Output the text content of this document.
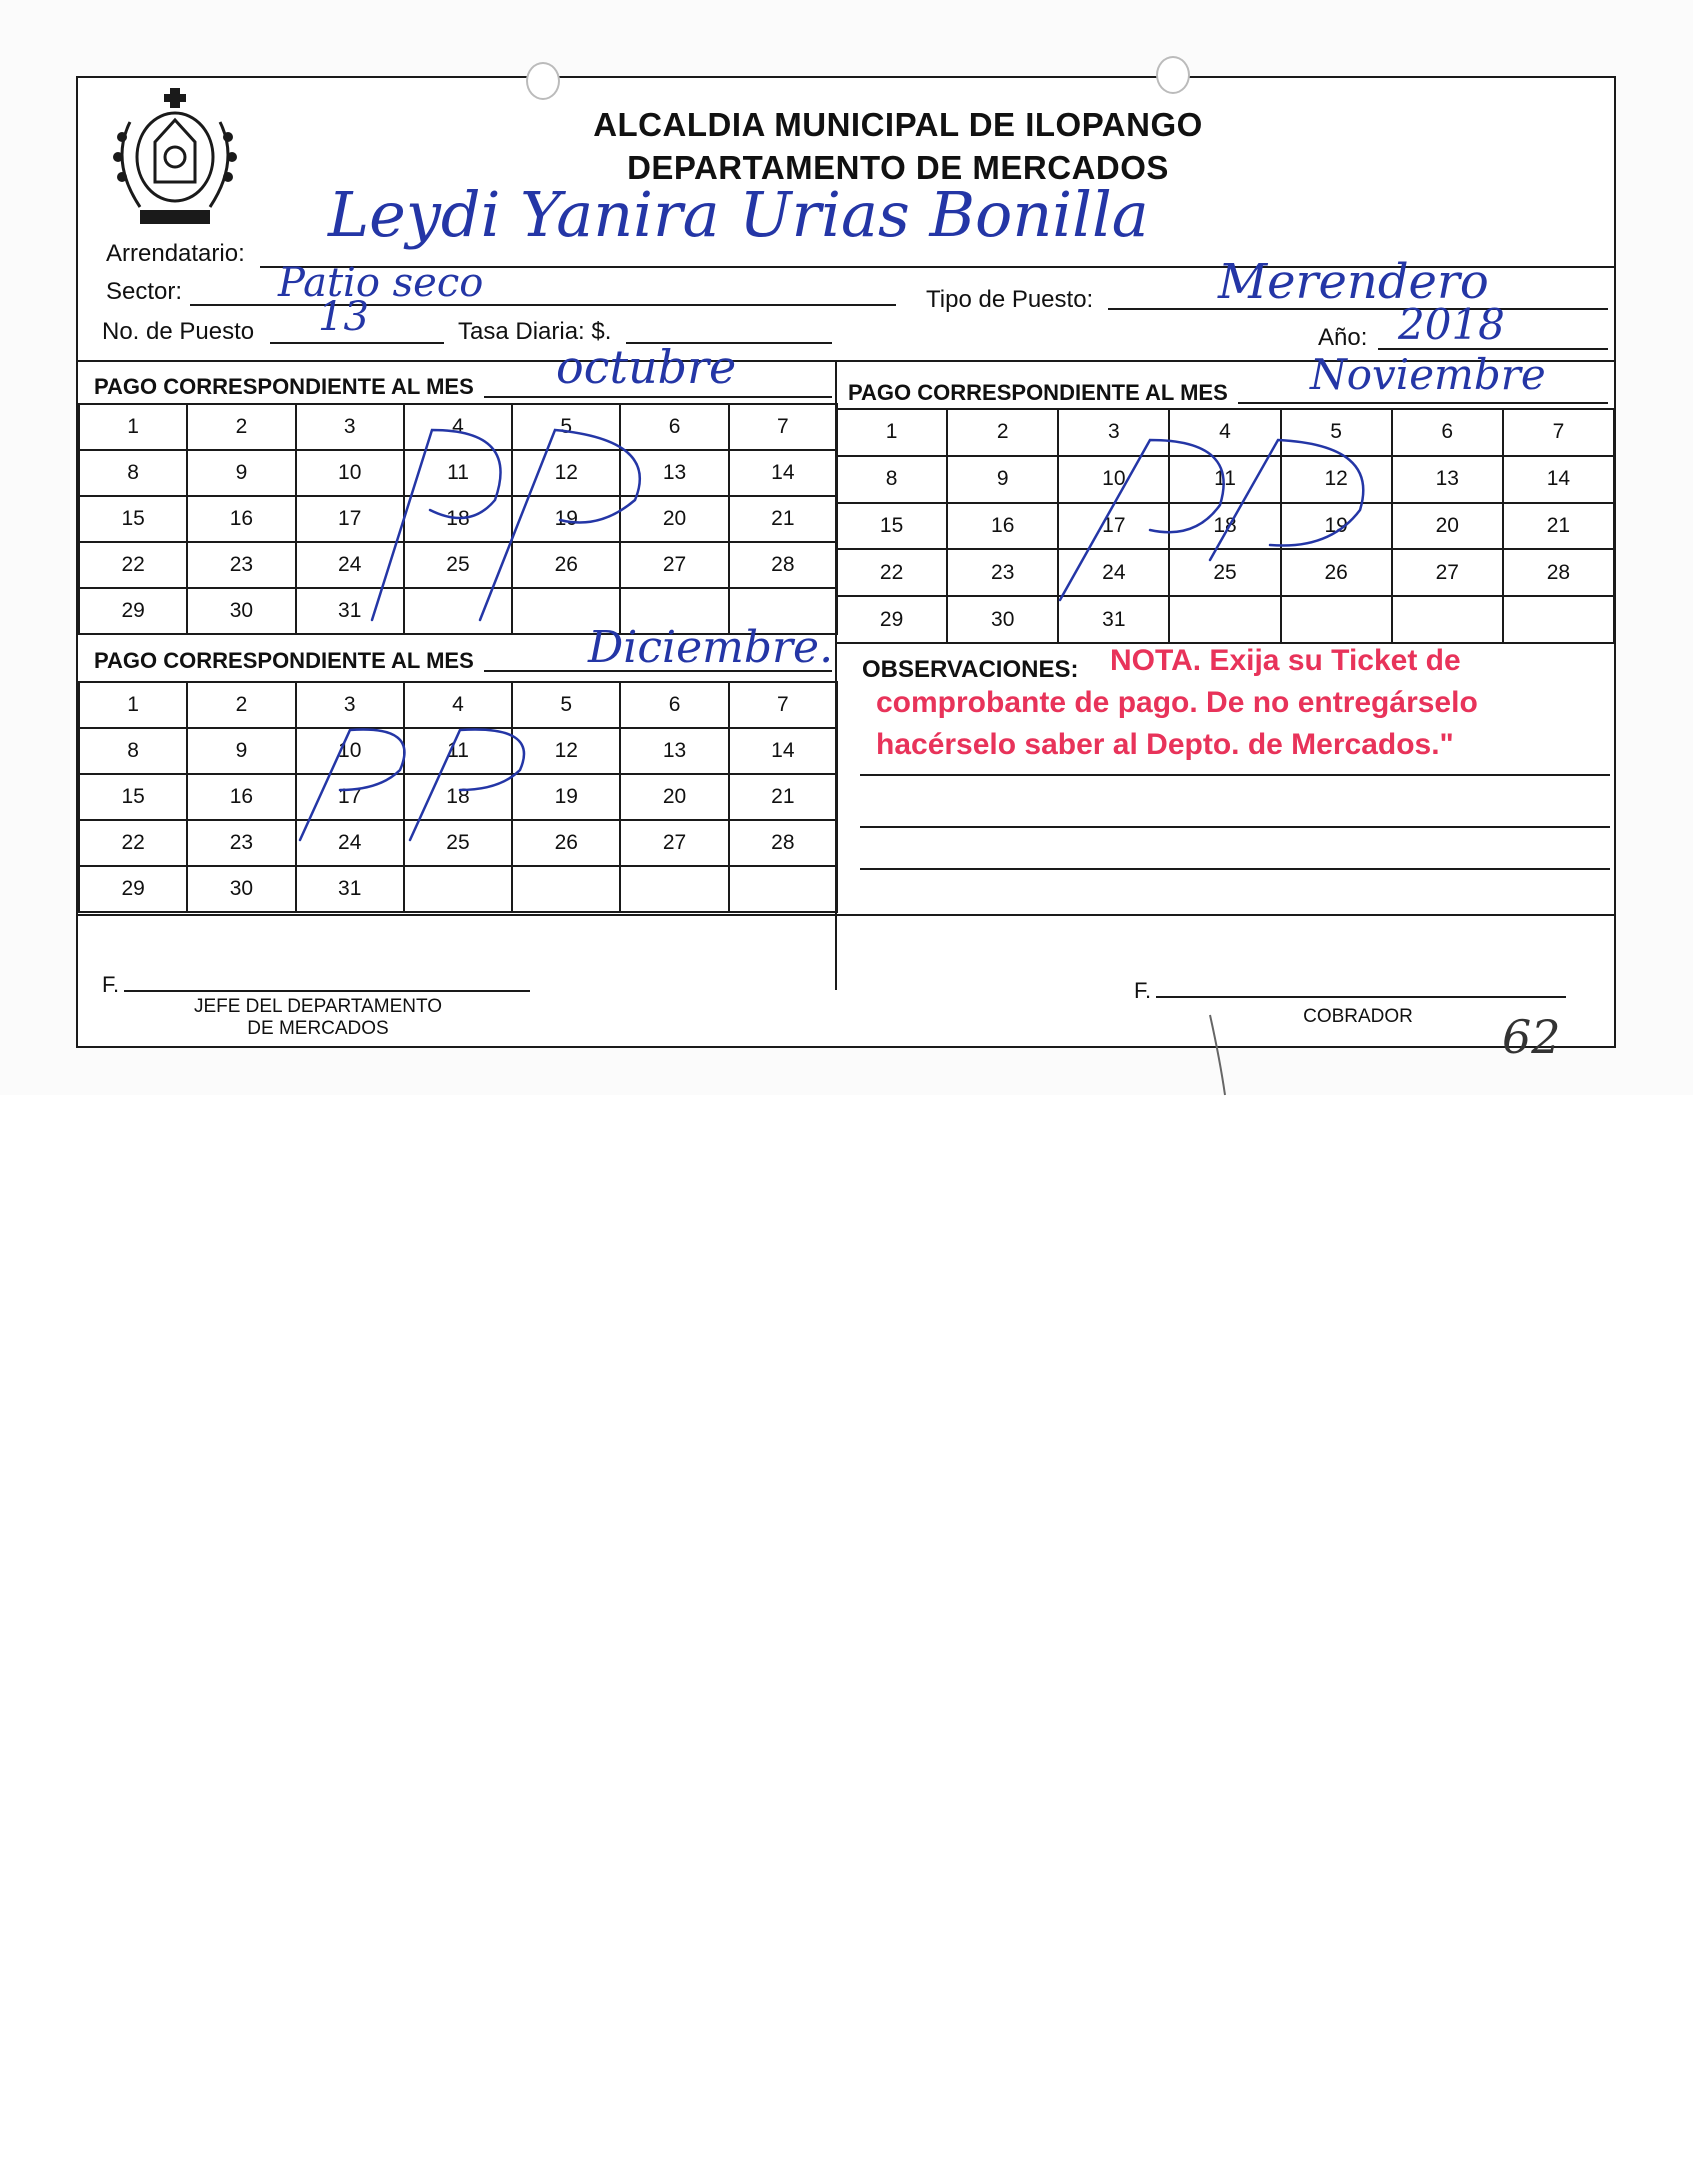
ALCALDIA MUNICIPAL DE ILOPANGO
DEPARTAMENTO DE MERCADOS
Arrendatario:
Leydi Yanira Urias Bonilla
Sector: Patio seco	Tipo de Puesto:	Merendero
No. de Puesto 13	Tasa Diaria: $.	Año: 2018
PAGO CORRESPONDIENTE AL MES octubre
1	2	3	4	5	6	7
8	9	10	11	12	13	14
15	16	17	18	19	20	21
22	23	24	25	26	27	28
29	30	31				
PAGO CORRESPONDIENTE AL MES Noviembre
1	2	3	4	5	6	7
8	9	10	11	12	13	14
15	16	17	18	19	20	21
22	23	24	25	26	27	28
29	30	31				
PAGO CORRESPONDIENTE AL MES	Diciembre.
1	2	3	4	5	6	7
8	9	10	11	12	13	14
15	16	17	18	19	20	21
22	23	24	25	26	27	28
29	30	31				
OBSERVACIONES: NOTA. Exija su Ticket de
comprobante de pago. De no entregárselo
hacérselo saber al Depto. de Mercados."
F.
JEFE DEL DEPARTAMENTO
DE MERCADOS
F.
COBRADOR	62
